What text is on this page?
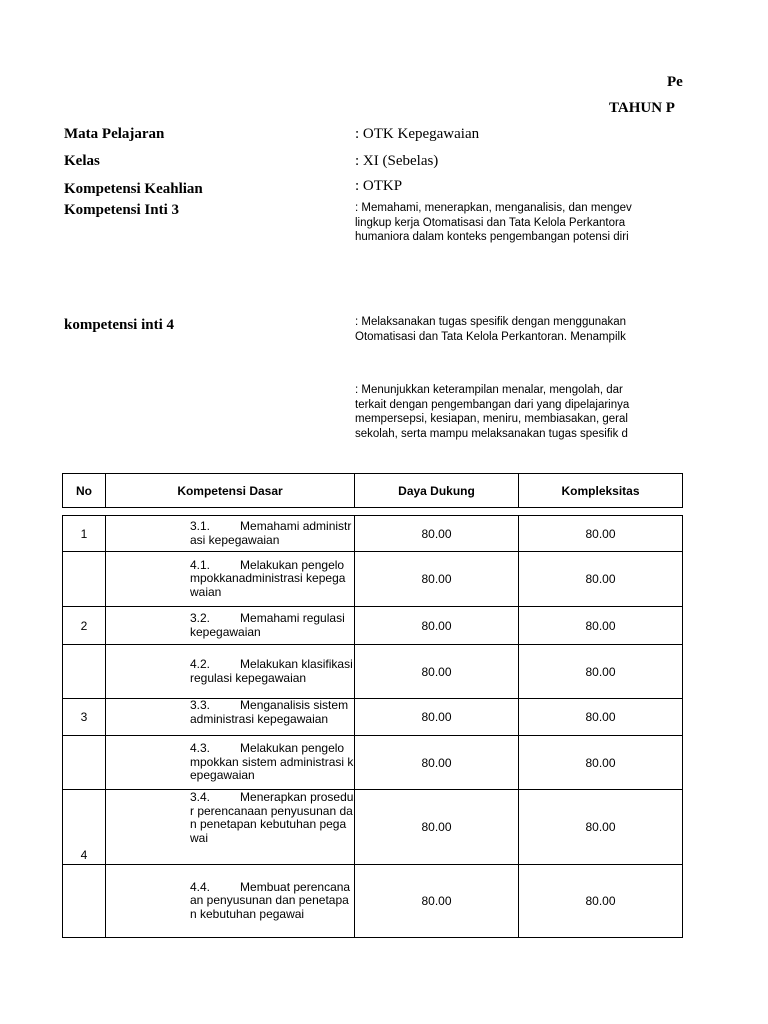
Pe
TAHUN P
Mata Pelajaran	: OTK Kepegawaian
Kelas	: XI (Sebelas)
Kompetensi Keahlian	: OTKP
Kompetensi Inti 3	: Memahami, menerapkan, menganalisis, dan mengev
lingkup kerja Otomatisasi dan Tata Kelola Perkantora
humaniora dalam konteks pengembangan potensi diri
kompetensi inti 4	: Melaksanakan tugas spesifik dengan menggunakan
Otomatisasi dan Tata Kelola Perkantoran. Menampilk
: Menunjukkan keterampilan menalar, mengolah, dar
terkait dengan pengembangan dari yang dipelajarinya
mempersepsi, kesiapan, meniru, membiasakan, geral
sekolah, serta mampu melaksanakan tugas spesifik d
No	Kompetensi Dasar	Daya Dukung	Kompleksitas
1	3.1.         Memahami administrasi kepegawaian	80.00	80.00

	4.1.         Melakukan pengelompokkanadministrasi kepegawaian	80.00	80.00
2	3.2.         Memahami regulasi kepegawaian	80.00	80.00

	4.2.         Melakukan klasifikasiregulasi kepegawaian	80.00	80.00
3	3.3.         Menganalisis sistem administrasi kepegawaian	80.00	80.00

	4.3.         Melakukan pengelompokkan sistem administrasi kepegawaian	80.00	80.00
4	3.4.         Menerapkan prosedur perencanaan penyusunan dan penetapan kebutuhan pegawai	80.00	80.00

	4.4.         Membuat perencanaan penyusunan dan penetapan kebutuhan pegawai	80.00	80.00
